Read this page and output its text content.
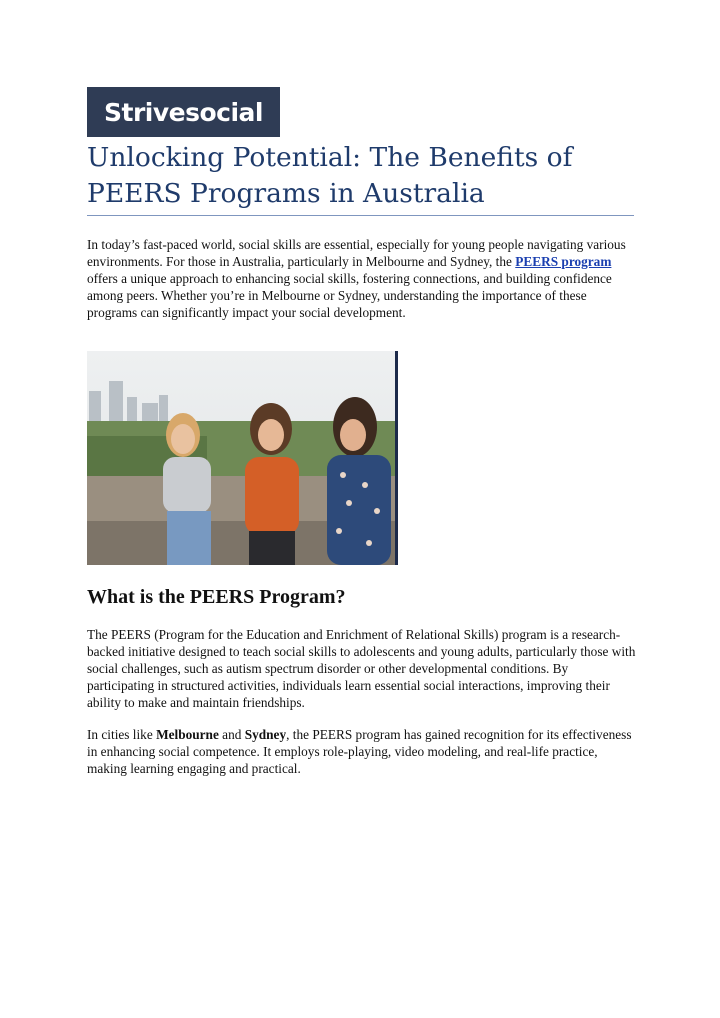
Strivesocial
Unlocking Potential: The Benefits of PEERS Programs in Australia

In today’s fast-paced world, social skills are essential, especially for young people navigating various environments. For those in Australia, particularly in Melbourne and Sydney, the PEERS program offers a unique approach to enhancing social skills, fostering connections, and building confidence among peers. Whether you’re in Melbourne or Sydney, understanding the importance of these programs can significantly impact your social development.

What is the PEERS Program?

The PEERS (Program for the Education and Enrichment of Relational Skills) program is a research-backed initiative designed to teach social skills to adolescents and young adults, particularly those with social challenges, such as autism spectrum disorder or other developmental conditions. By participating in structured activities, individuals learn essential social interactions, improving their ability to make and maintain friendships.

In cities like Melbourne and Sydney, the PEERS program has gained recognition for its effectiveness in enhancing social competence. It employs role-playing, video modeling, and real-life practice, making learning engaging and practical.
